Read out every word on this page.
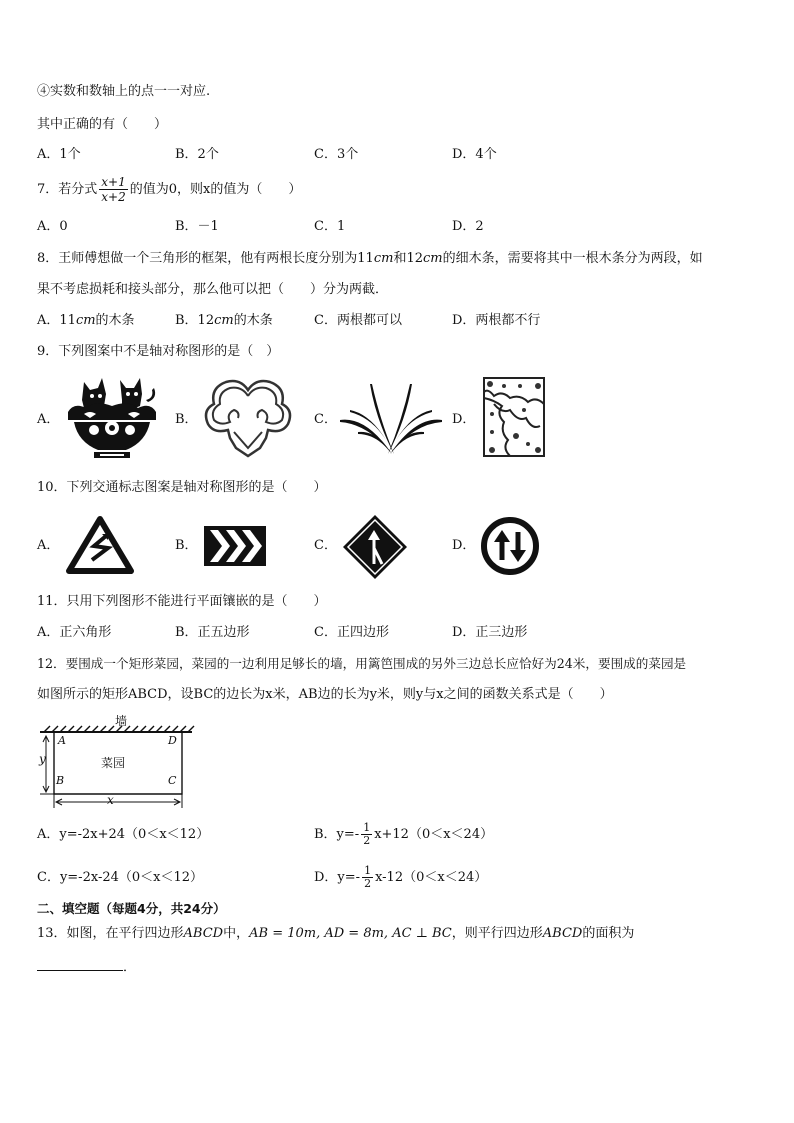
④实数和数轴上的点一一对应.
其中正确的有（　　）
A．1个	B．2个	C．3个	D．4个
7．若分式 $\frac{x+1}{x+2}$ 的值为0，则x的值为（　　）
A．0	B．－1	C．1	D．2
8．王师傅想做一个三角形的框架，他有两根长度分别为11cm和12cm的细木条，需要将其中一根木条分为两段，如
果不考虑损耗和接头部分，那么他可以把（　　）分为两截．
A．11cm的木条	B．12cm的木条	C．两根都可以	D．两根都不行
9．下列图案中不是轴对称图形的是（　）
A．	B．	C．	D．
10．下列交通标志图案是轴对称图形的是（　　）
A．	B．	C．	D．
11．只用下列图形不能进行平面镶嵌的是（　　）
A．正六角形	B．正五边形	C．正四边形	D．正三边形
12．要围成一个矩形菜园，菜园的一边利用足够长的墙，用篱笆围成的另外三边总长应恰好为24米，要围成的菜园是
如图所示的矩形ABCD，设BC的边长为x米，AB边的长为y米，则y与x之间的函数关系式是（　　）
墙
A	D
B	C
菜园
y
x
A．y=-2x+24（0＜x＜12）	B．$y=- \frac{1}{2} x+12(0<x<24)$
C．y=-2x-24（0＜x＜12）	D．$y=- \frac{1}{2} x-12(0<x<24)$
二、填空题（每题4分，共24分）
13．如图，在平行四边形ABCD中，AB = 10m, AD = 8m, AC ⊥ BC，则平行四边形ABCD的面积为
．
